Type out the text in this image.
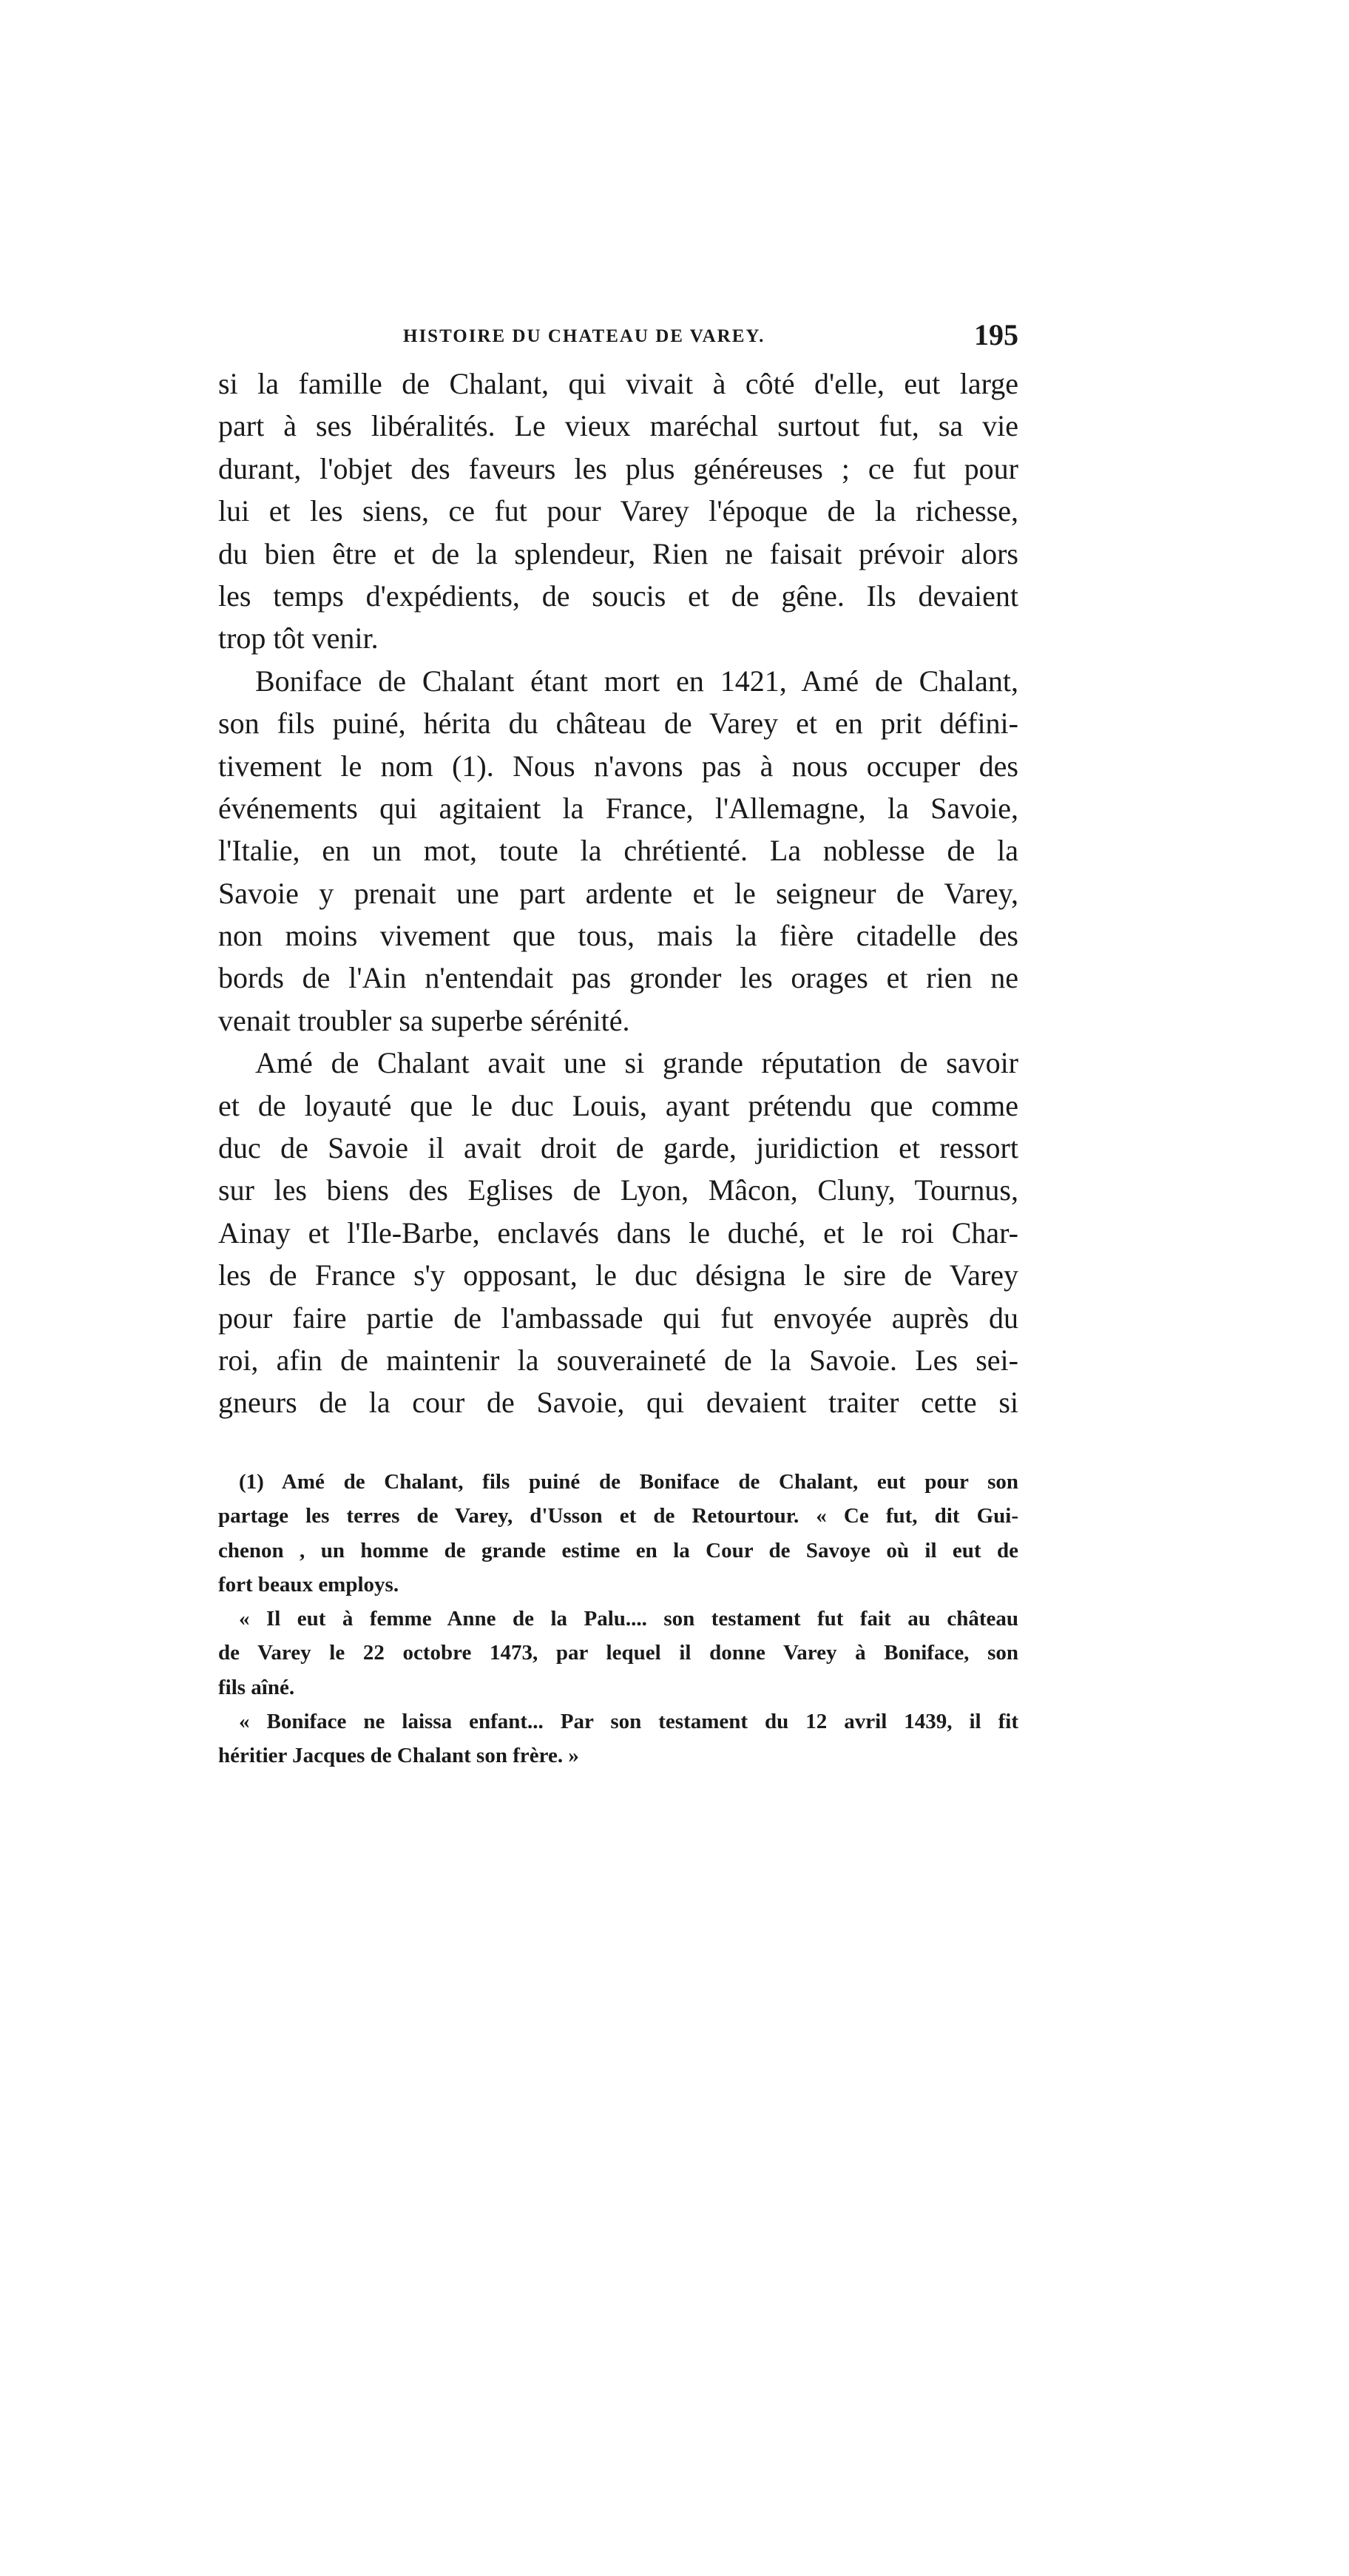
HISTOIRE DU CHATEAU DE VAREY.	195
si la famille de Chalant, qui vivait à côté d'elle, eut large
part à ses libéralités. Le vieux maréchal surtout fut, sa vie
durant, l'objet des faveurs les plus généreuses ; ce fut pour
lui et les siens, ce fut pour Varey l'époque de la richesse,
du bien être et de la splendeur, Rien ne faisait prévoir alors
les temps d'expédients, de soucis et de gêne. Ils devaient
trop tôt venir.
Boniface de Chalant étant mort en 1421, Amé de Chalant,
son fils puiné, hérita du château de Varey et en prit défini-
tivement le nom (1). Nous n'avons pas à nous occuper des
événements qui agitaient la France, l'Allemagne, la Savoie,
l'Italie, en un mot, toute la chrétienté. La noblesse de la
Savoie y prenait une part ardente et le seigneur de Varey,
non moins vivement que tous, mais la fière citadelle des
bords de l'Ain n'entendait pas gronder les orages et rien ne
venait troubler sa superbe sérénité.
Amé de Chalant avait une si grande réputation de savoir
et de loyauté que le duc Louis, ayant prétendu que comme
duc de Savoie il avait droit de garde, juridiction et ressort
sur les biens des Eglises de Lyon, Mâcon, Cluny, Tournus,
Ainay et l'Ile-Barbe, enclavés dans le duché, et le roi Char-
les de France s'y opposant, le duc désigna le sire de Varey
pour faire partie de l'ambassade qui fut envoyée auprès du
roi, afin de maintenir la souveraineté de la Savoie. Les sei-
gneurs de la cour de Savoie, qui devaient traiter cette si
(1) Amé de Chalant, fils puiné de Boniface de Chalant, eut pour son
partage les terres de Varey, d'Usson et de Retourtour. « Ce fut, dit Gui-
chenon , un homme de grande estime en la Cour de Savoye où il eut de
fort beaux employs.
« Il eut à femme Anne de la Palu.... son testament fut fait au château
de Varey le 22 octobre 1473, par lequel il donne Varey à Boniface, son
fils aîné.
« Boniface ne laissa enfant... Par son testament du 12 avril 1439, il fit
héritier Jacques de Chalant son frère. »
